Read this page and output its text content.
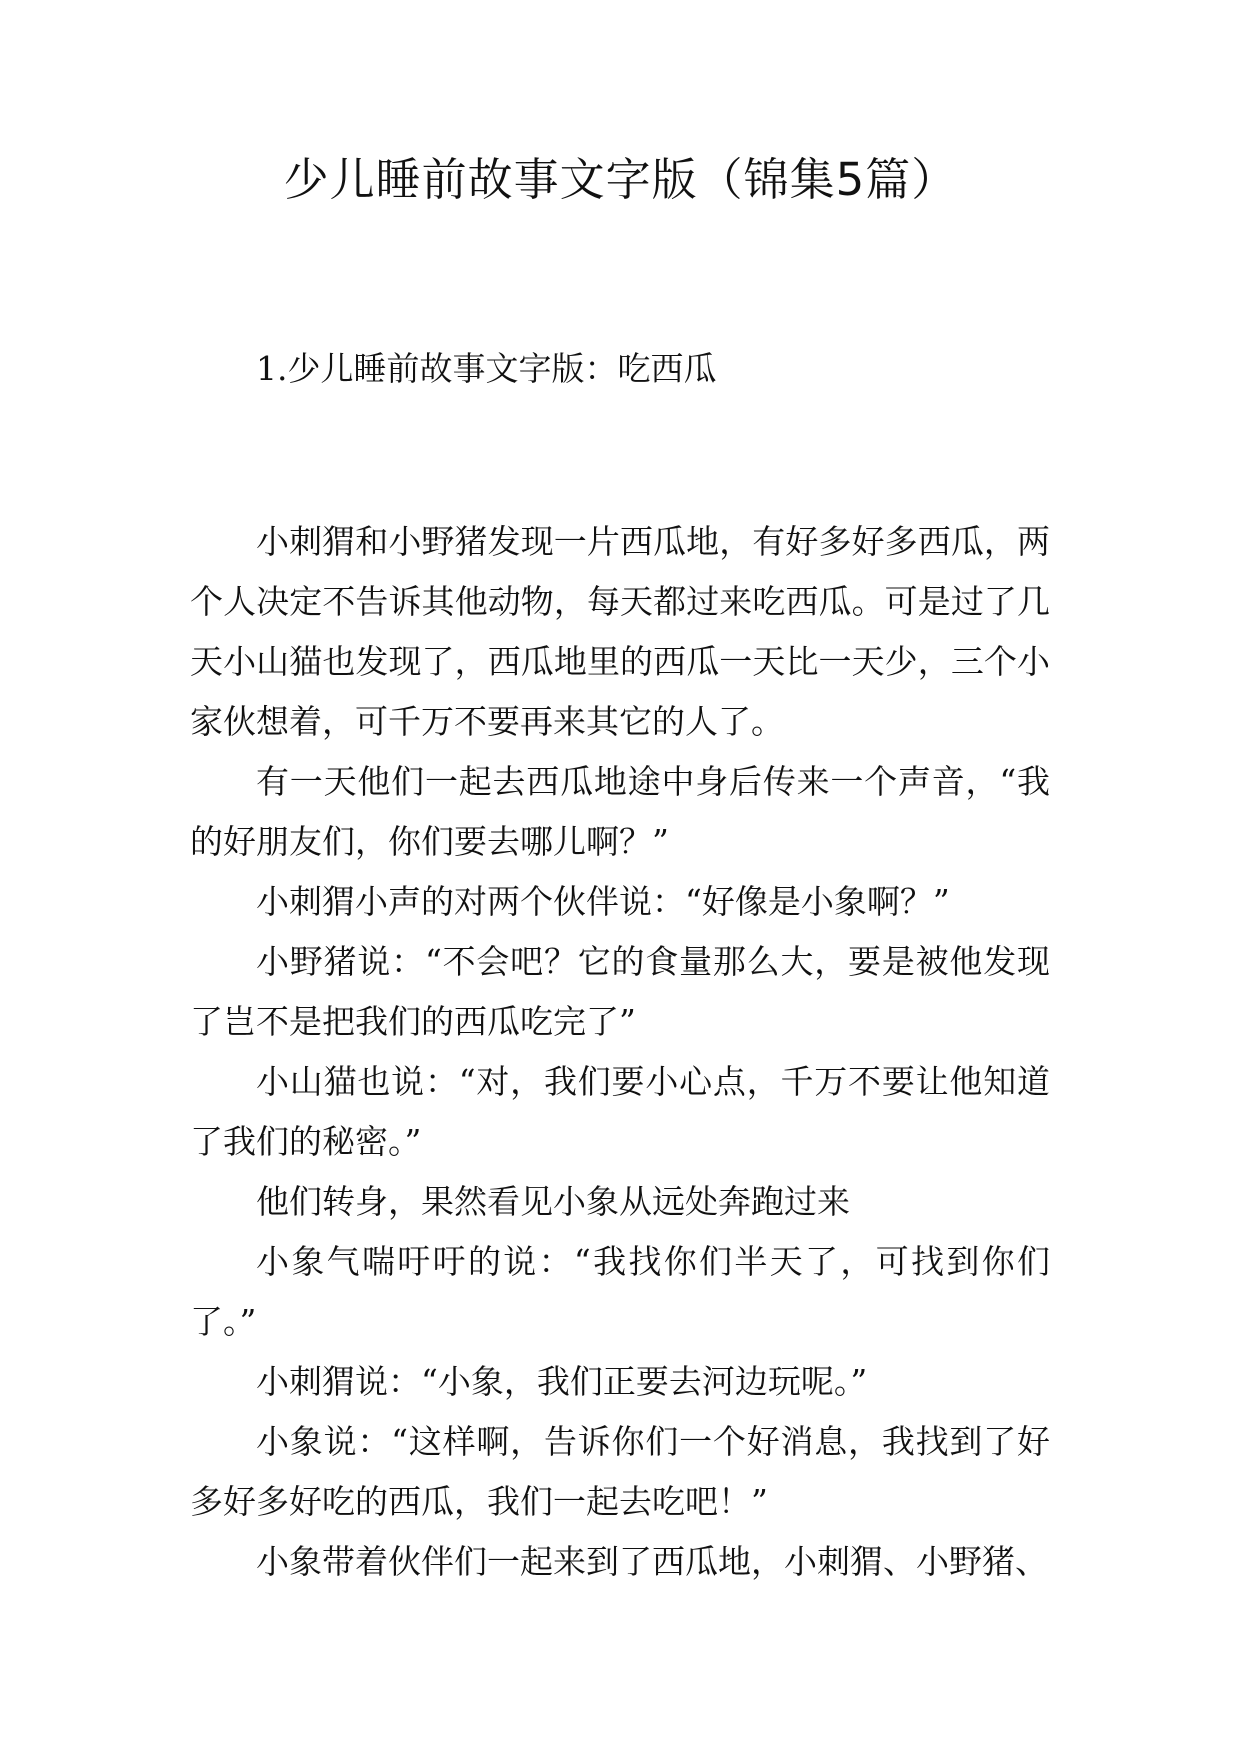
少儿睡前故事文字版（锦集5篇）
1.少儿睡前故事文字版：吃西瓜

小刺猬和小野猪发现一片西瓜地，有好多好多西瓜，两个人决定不告诉其他动物，每天都过来吃西瓜。可是过了几天小山猫也发现了，西瓜地里的西瓜一天比一天少，三个小家伙想着，可千万不要再来其它的人了。

有一天他们一起去西瓜地途中身后传来一个声音，“我的好朋友们，你们要去哪儿啊？”

小刺猬小声的对两个伙伴说：“好像是小象啊？”

小野猪说：“不会吧？它的食量那么大，要是被他发现了岂不是把我们的西瓜吃完了”

小山猫也说：“对，我们要小心点，千万不要让他知道了我们的秘密。”

他们转身，果然看见小象从远处奔跑过来

小象气喘吁吁的说：“我找你们半天了，可找到你们了。”

小刺猬说：“小象，我们正要去河边玩呢。”

小象说：“这样啊，告诉你们一个好消息，我找到了好多好多好吃的西瓜，我们一起去吃吧！”

小象带着伙伴们一起来到了西瓜地，小刺猬、小野猪、
